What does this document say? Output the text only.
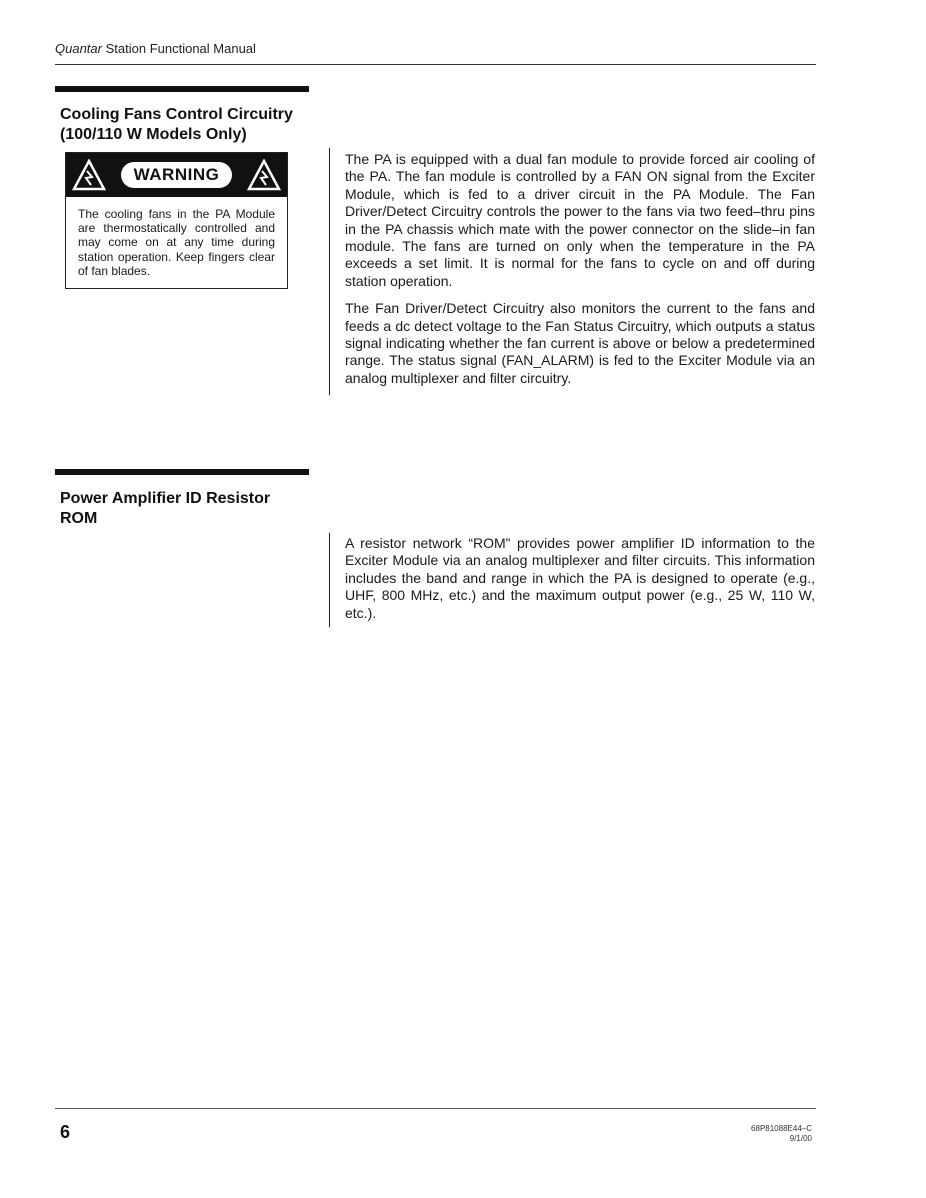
Quantar Station Functional Manual
Cooling Fans Control Circuitry
(100/110 W Models Only)
WARNING
The cooling fans in the PA Module are thermostatically controlled and may come on at any time during station operation. Keep fingers clear of fan blades.

The PA is equipped with a dual fan module to provide forced air cooling of the PA. The fan module is controlled by a FAN ON signal from the Exciter Module, which is fed to a driver circuit in the PA Module. The Fan Driver/Detect Circuitry controls the power to the fans via two feed–thru pins in the PA chassis which mate with the power connector on the slide–in fan module. The fans are turned on only when the temperature in the PA exceeds a set limit. It is normal for the fans to cycle on and off during station operation.

The Fan Driver/Detect Circuitry also monitors the current to the fans and feeds a dc detect voltage to the Fan Status Circuitry, which outputs a status signal indicating whether the fan current is above or below a predetermined range. The status signal (FAN_ALARM) is fed to the Exciter Module via an analog multiplexer and filter circuitry.

Power Amplifier ID Resistor
ROM

A resistor network “ROM” provides power amplifier ID information to the Exciter Module via an analog multiplexer and filter circuits. This information includes the band and range in which the PA is designed to operate (e.g., UHF, 800 MHz, etc.) and the maximum output power (e.g., 25 W, 110 W, etc.).

6	68P81088E44–C
9/1/00
